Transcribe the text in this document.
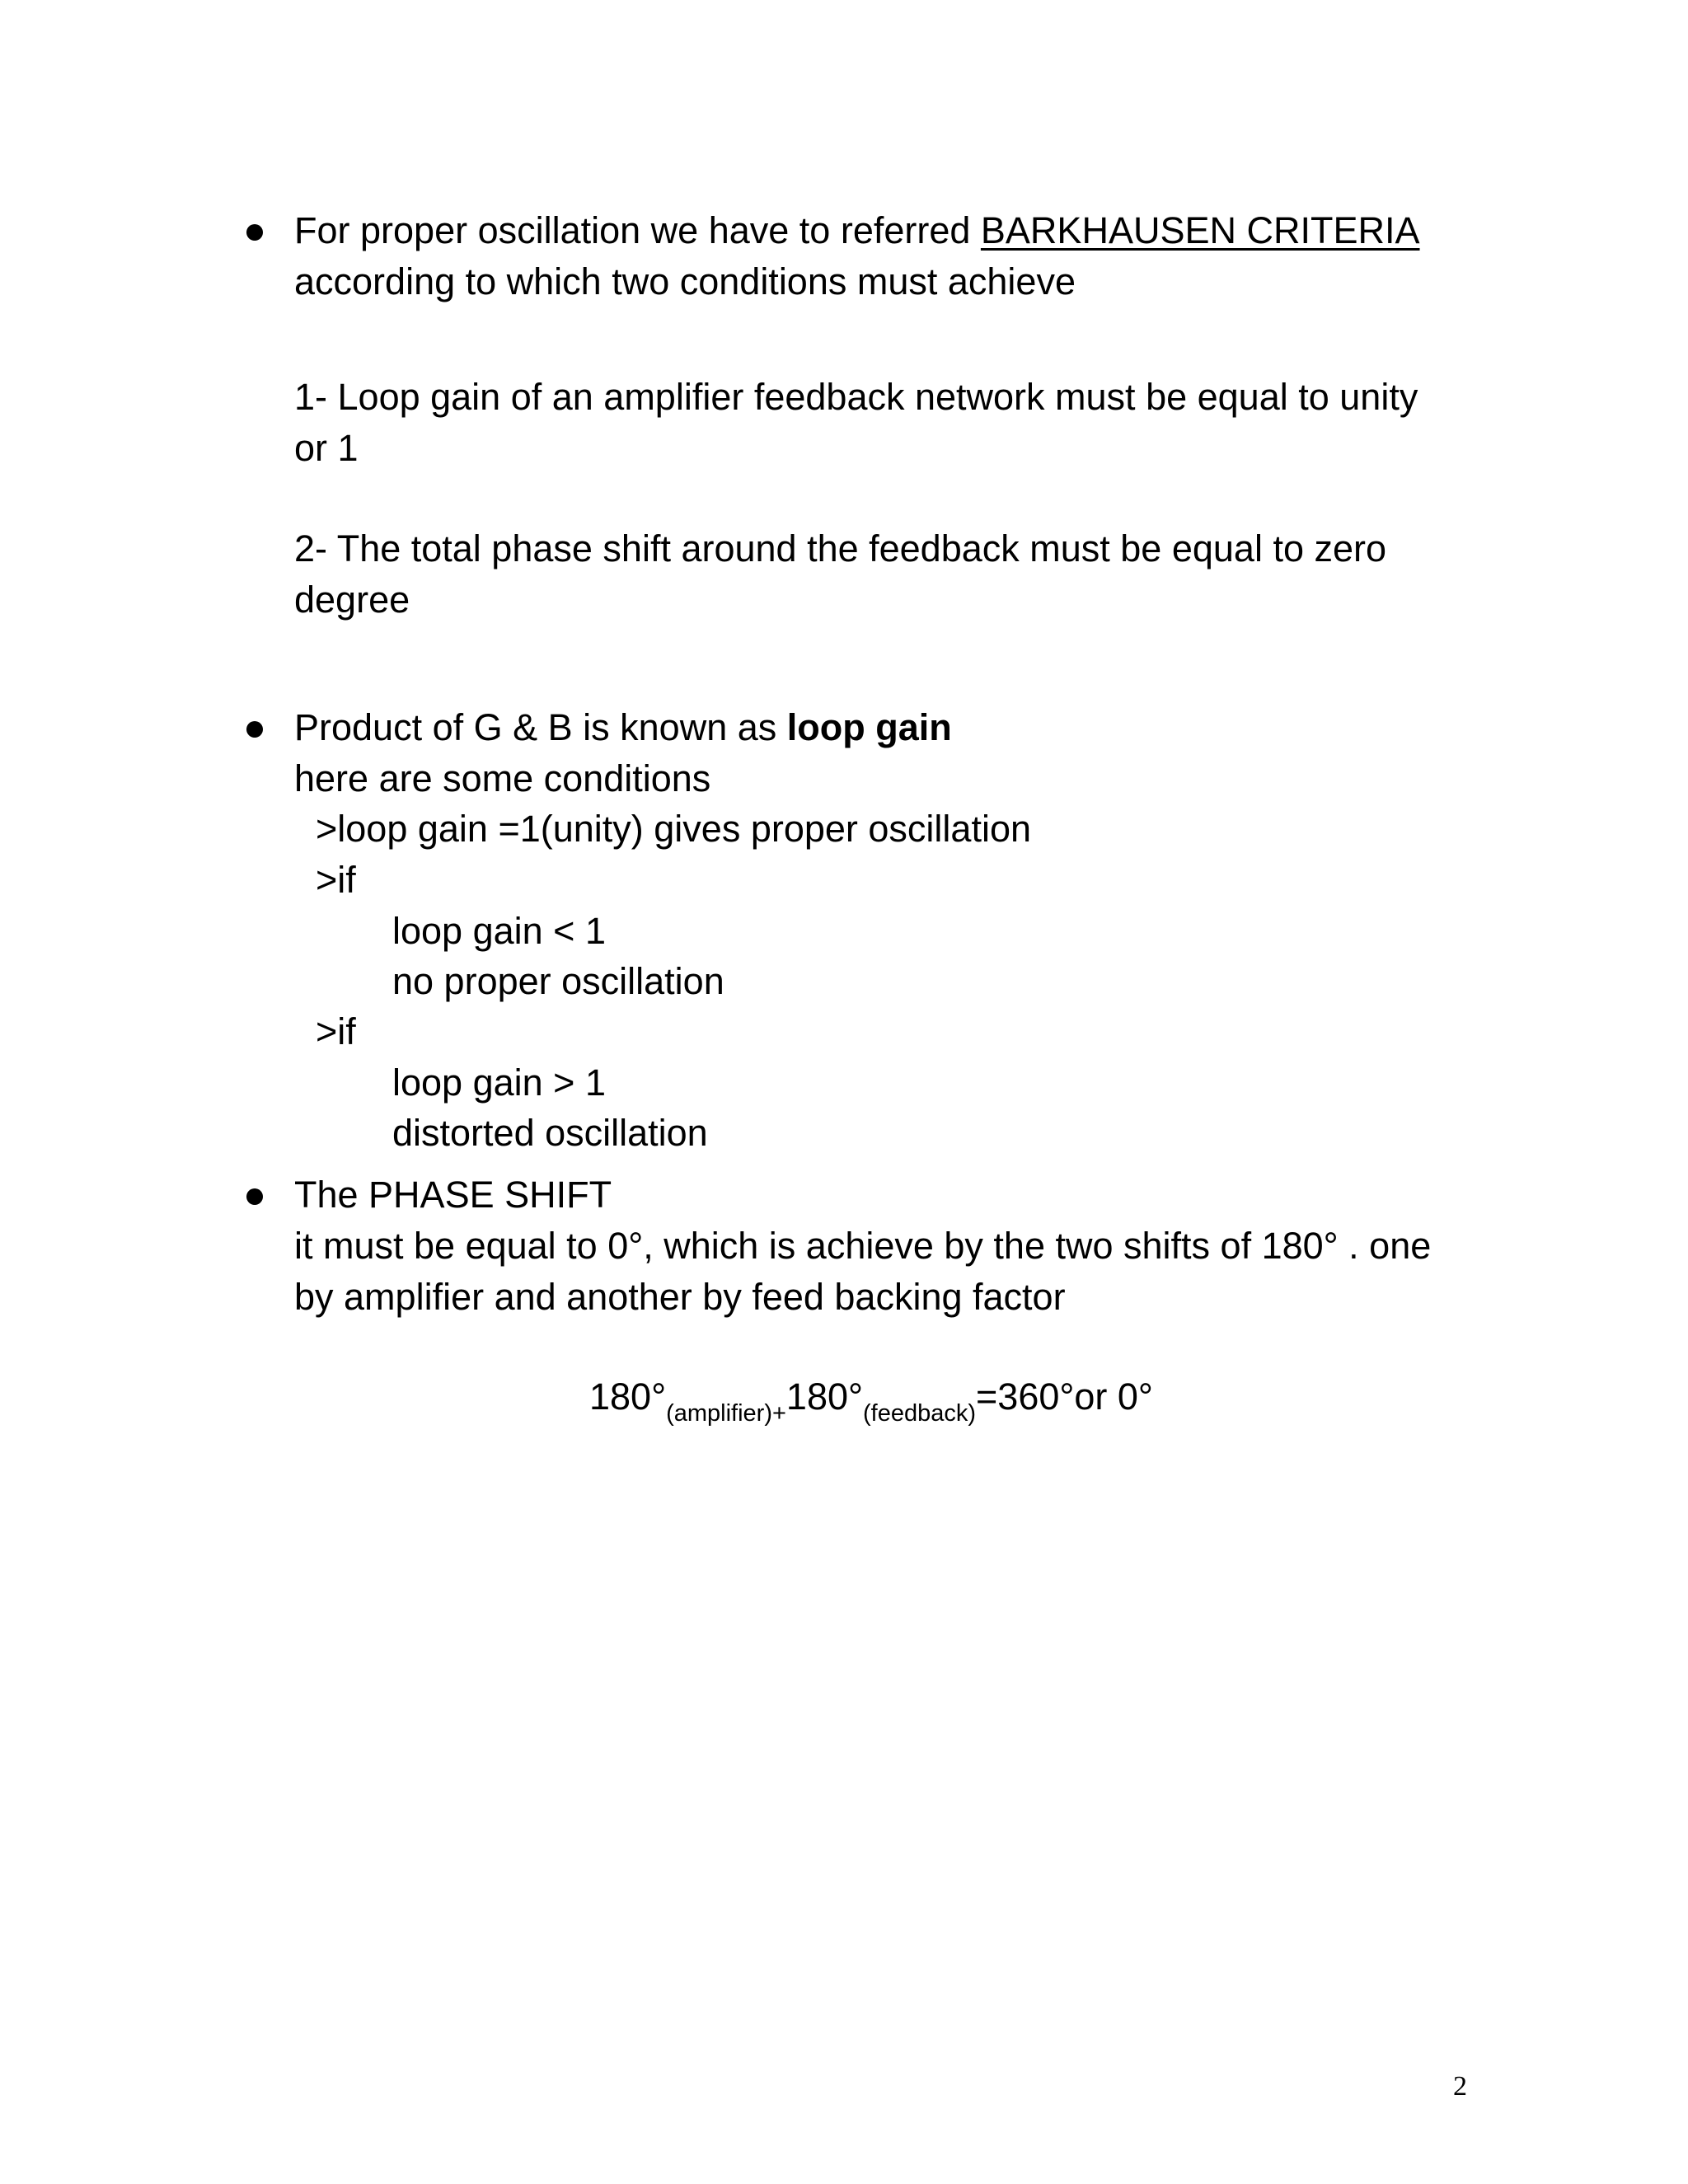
For proper oscillation we have to referred BARKHAUSEN CRITERIA
according to which two conditions must achieve
1- Loop gain of an amplifier feedback network must be equal to unity
or 1
2- The total phase shift around the feedback must be equal to zero
degree
Product of G & B is known as loop gain
here are some conditions
>loop gain =1(unity) gives proper oscillation
>if
loop gain < 1
no proper oscillation
>if
loop gain > 1
distorted oscillation
The PHASE SHIFT
it must be equal to 0°, which is achieve by the two shifts of 180° . one
by amplifier and another by feed backing factor
$180^\circ_{(amplifier)+}180^\circ_{(feedback)}=360^\circ or$ 0°
2
